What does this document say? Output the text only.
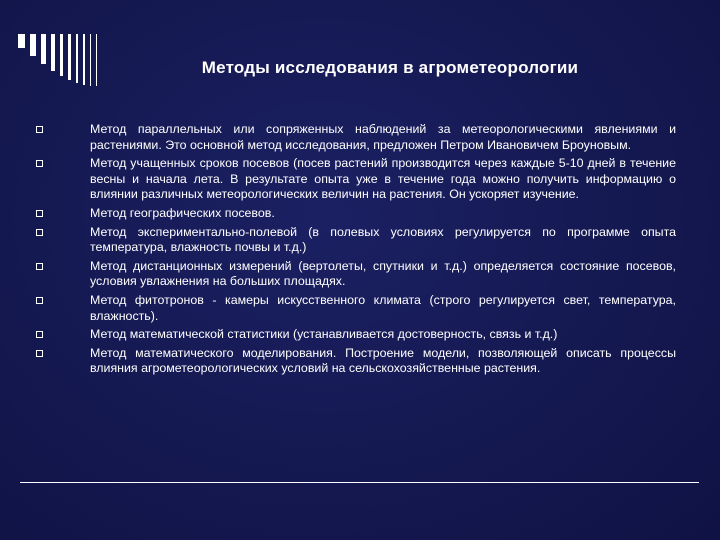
Методы исследования в агрометеорологии
Метод параллельных или сопряженных наблюдений за метеорологическими явлениями и растениями. Это основной метод исследования, предложен Петром Ивановичем Броуновым.
Метод учащенных сроков посевов (посев растений производится через каждые 5-10 дней в течение весны и начала лета. В результате опыта уже в течение года можно получить информацию о влиянии различных метеорологических величин на растения. Он ускоряет изучение.
Метод географических посевов.
Метод экспериментально-полевой (в полевых условиях регулируется по программе опыта температура, влажность почвы и т.д.)
Метод дистанционных измерений (вертолеты, спутники и т.д.) определяется состояние посевов, условия увлажнения на больших площадях.
Метод фитотронов - камеры искусственного климата (строго регулируется свет, температура, влажность).
Метод математической статистики (устанавливается достоверность, связь и т.д.)
Метод математического моделирования. Построение модели, позволяющей описать процессы влияния агрометеорологических условий на сельскохозяйственные растения.
